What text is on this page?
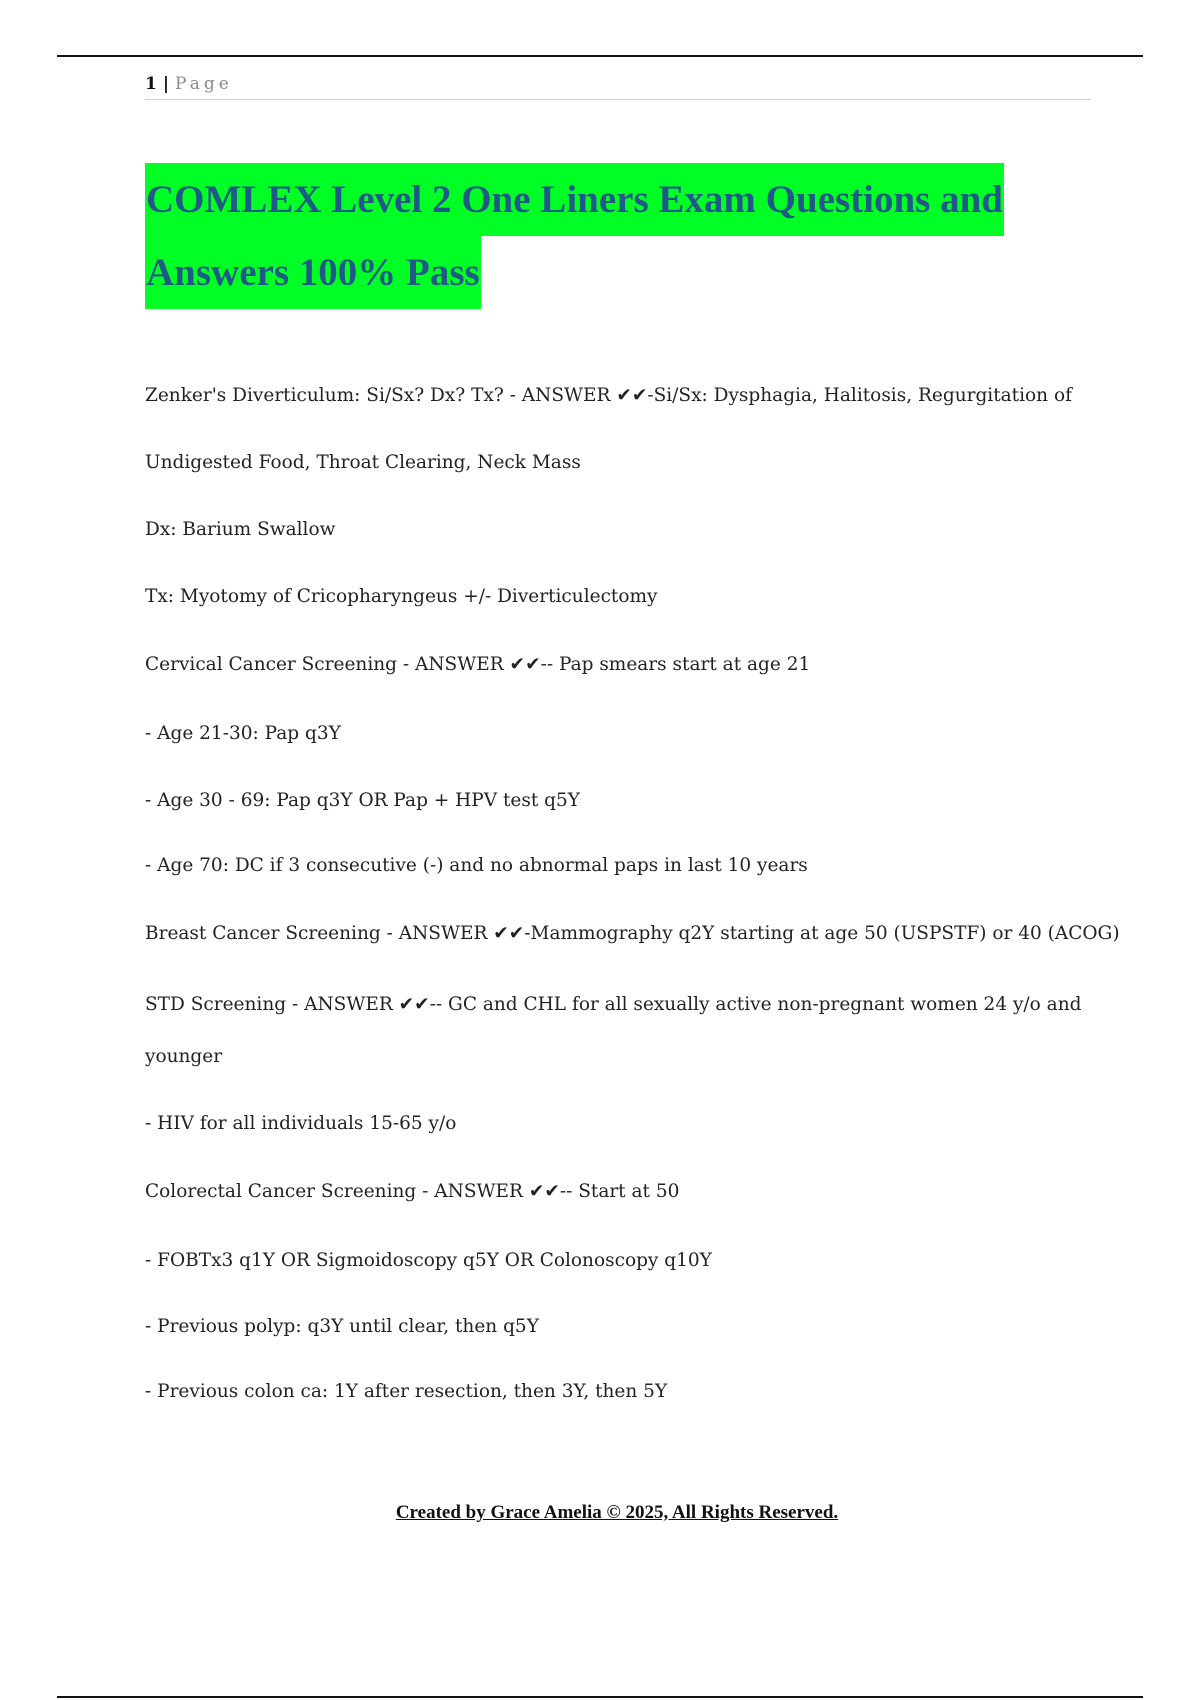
1 | Page
COMLEX Level 2 One Liners Exam Questions and
Answers 100% Pass

Zenker's Diverticulum: Si/Sx? Dx? Tx? - ANSWER ✔✔-Si/Sx: Dysphagia, Halitosis, Regurgitation of

Undigested Food, Throat Clearing, Neck Mass

Dx: Barium Swallow

Tx: Myotomy of Cricopharyngeus +/- Diverticulectomy

Cervical Cancer Screening - ANSWER ✔✔-- Pap smears start at age 21

- Age 21-30: Pap q3Y

- Age 30 - 69: Pap q3Y OR Pap + HPV test q5Y

- Age 70: DC if 3 consecutive (-) and no abnormal paps in last 10 years

Breast Cancer Screening - ANSWER ✔✔-Mammography q2Y starting at age 50 (USPSTF) or 40 (ACOG)

STD Screening - ANSWER ✔✔-- GC and CHL for all sexually active non-pregnant women 24 y/o and

younger

- HIV for all individuals 15-65 y/o

Colorectal Cancer Screening - ANSWER ✔✔-- Start at 50

- FOBTx3 q1Y OR Sigmoidoscopy q5Y OR Colonoscopy q10Y

- Previous polyp: q3Y until clear, then q5Y

- Previous colon ca: 1Y after resection, then 3Y, then 5Y

Created by Grace Amelia © 2025, All Rights Reserved.
